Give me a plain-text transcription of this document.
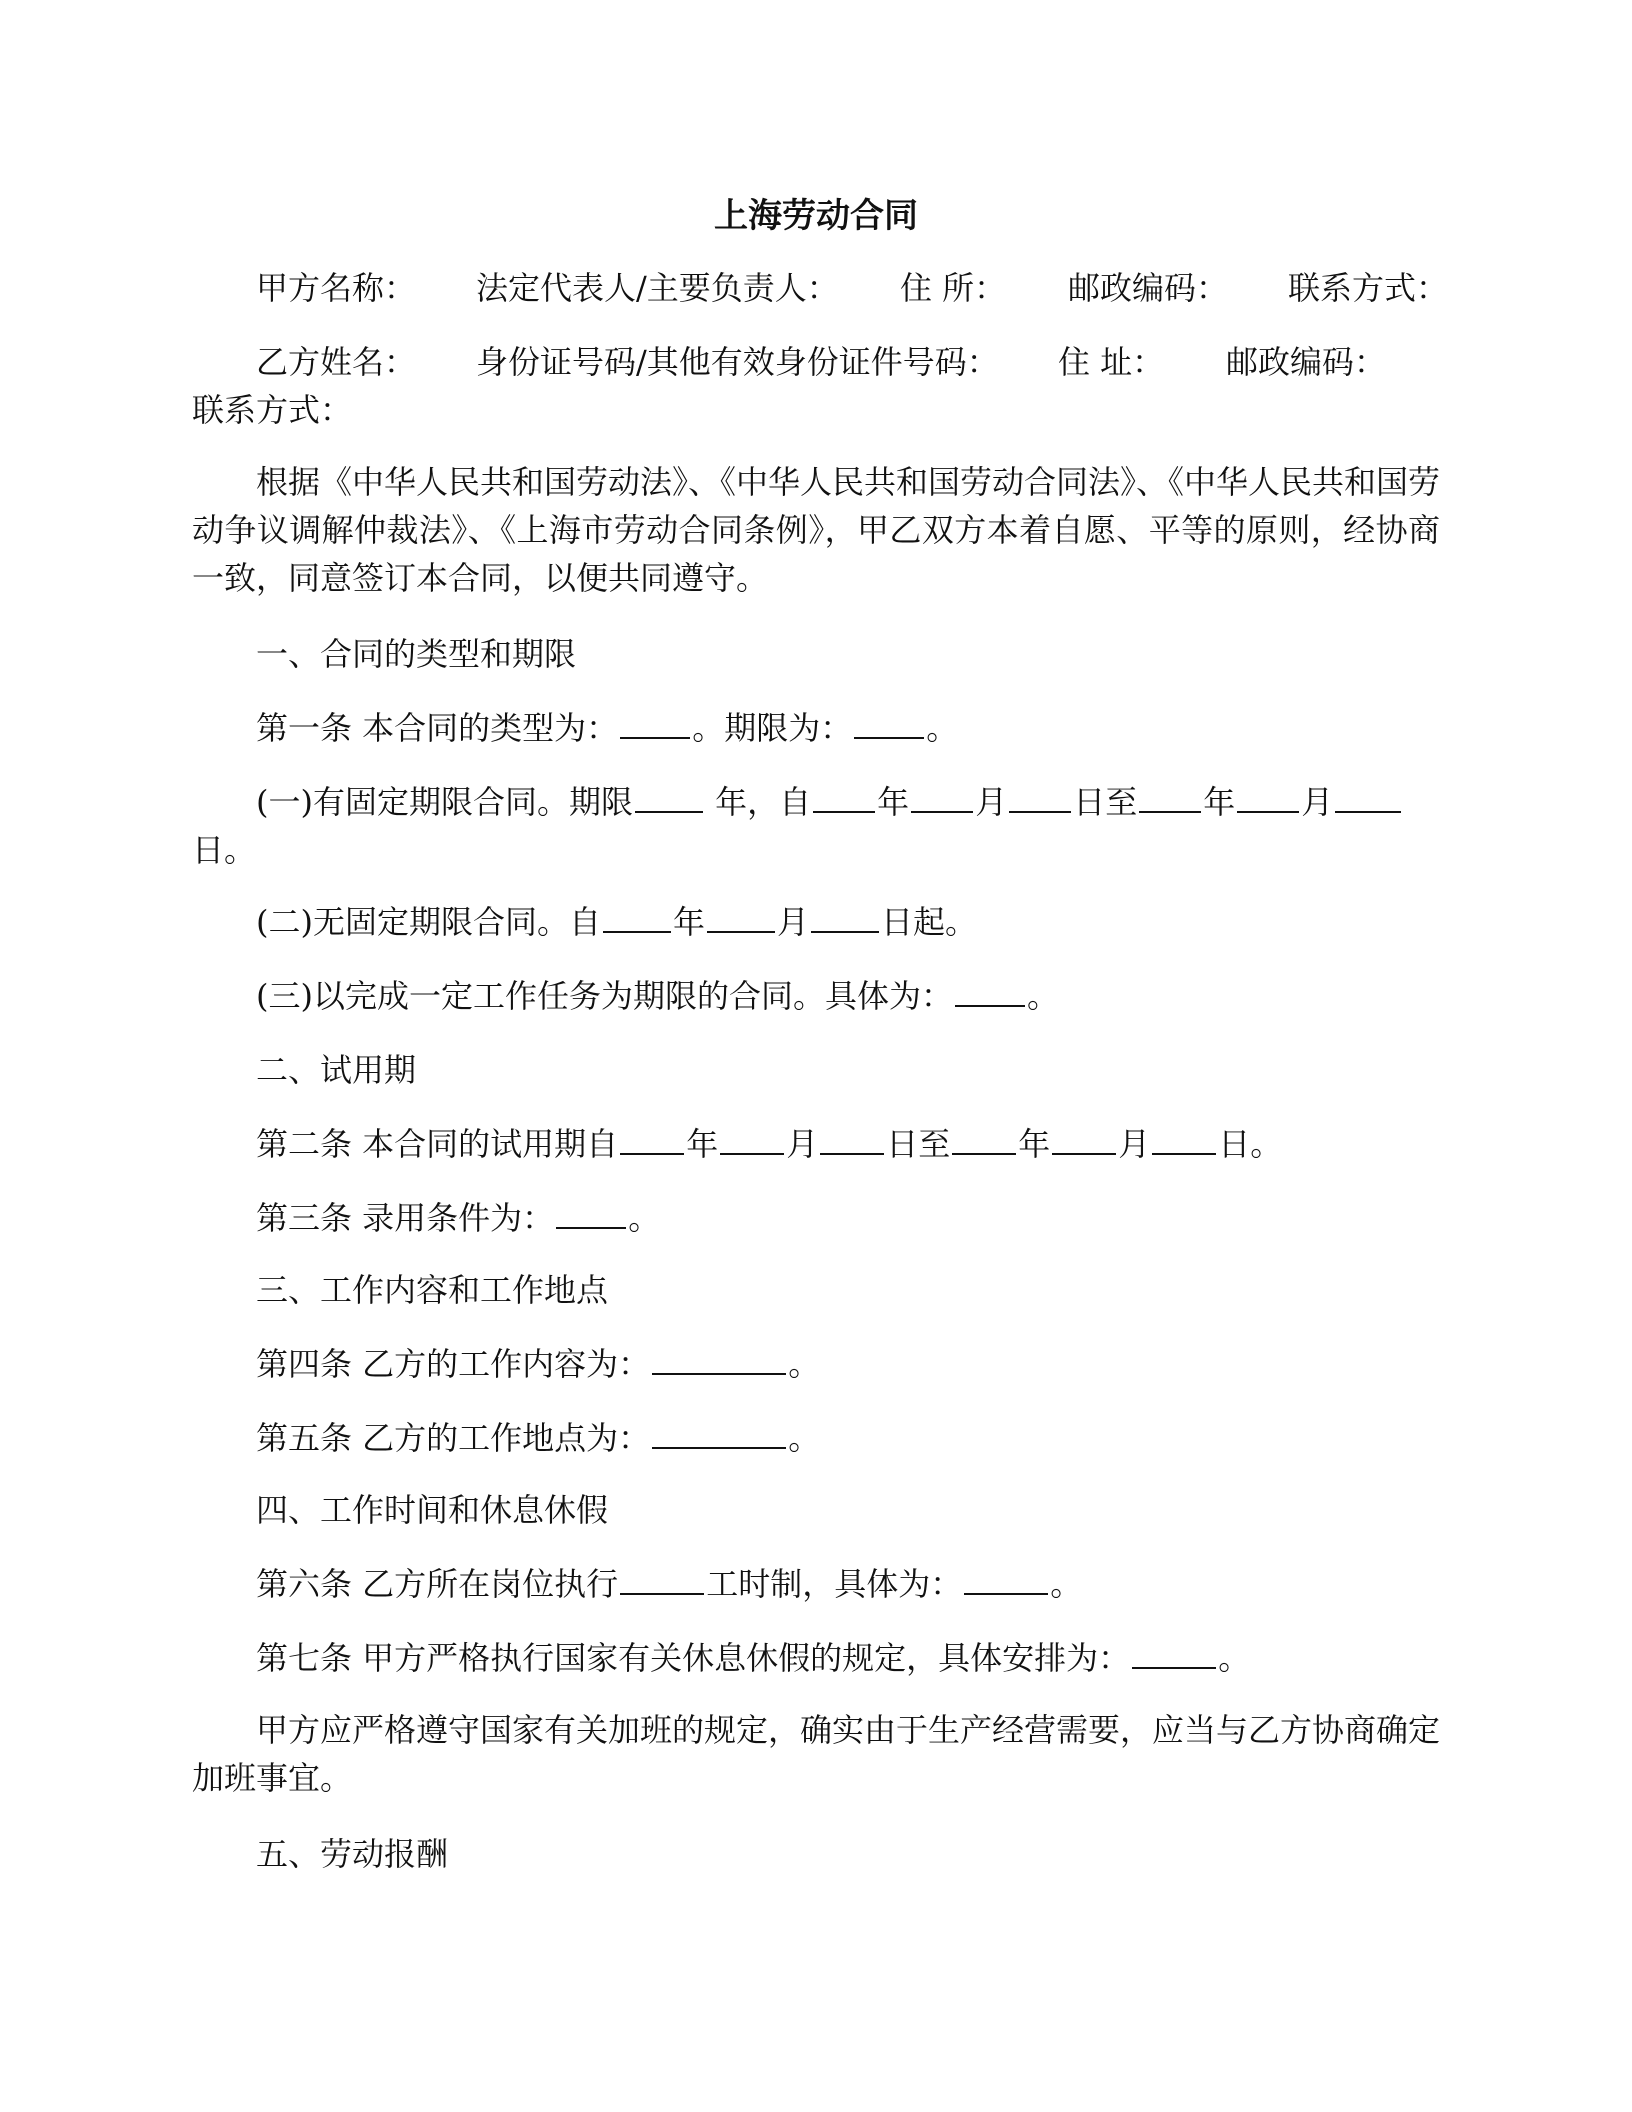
上海劳动合同
甲方名称： 法定代表人/主要负责人： 住 所： 邮政编码： 联系方式：
乙方姓名： 身份证号码/其他有效身份证件号码： 住 址： 邮政编码：
联系方式：
根据《中华人民共和国劳动法》、《中华人民共和国劳动合同法》、《中华人民共和国劳动争议调解仲裁法》、《上海市劳动合同条例》，甲乙双方本着自愿、平等的原则，经协商一致，同意签订本合同，以便共同遵守。
一、合同的类型和期限
第一条 本合同的类型为： 。期限为： 。
(一)有固定期限合同。期限 年，自 年 月 日至 年 月
日。
(二)无固定期限合同。自 年 月 日起。
(三)以完成一定工作任务为期限的合同。具体为： 。
二、试用期
第二条 本合同的试用期自 年 月 日至 年 月 日。
第三条 录用条件为： 。
三、工作内容和工作地点
第四条 乙方的工作内容为：	。
第五条 乙方的工作地点为：	。
四、工作时间和休息休假
第六条 乙方所在岗位执行	工时制，具体为：	。
第七条 甲方严格执行国家有关休息休假的规定，具体安排为：	。
甲方应严格遵守国家有关加班的规定，确实由于生产经营需要，应当与乙方协商确定加班事宜。
五、劳动报酬
